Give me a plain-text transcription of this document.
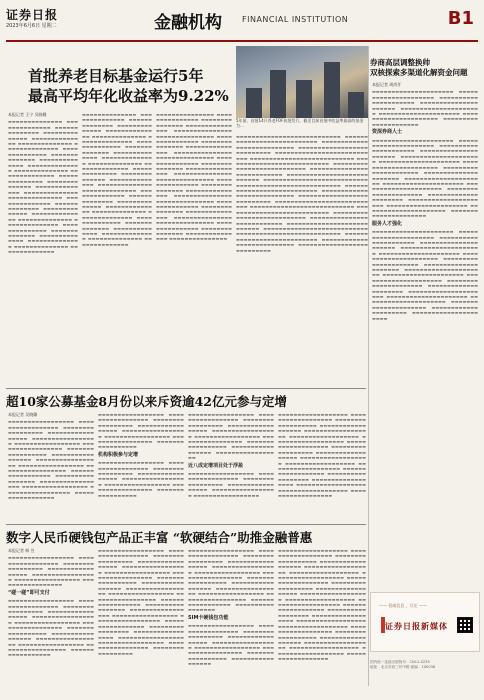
证券日报
2023年6月6日 星期二	金融机构	FINANCIAL INSTITUTION	B1
首批养老目标基金运行5年
最高平均年化收益率为9.22%
5年前，首批14只养老FOF获批发行，截至目前首批中收益率最高的基金为…
本报记者 王宁 吴晓璐
▬▬▬▬▬▬▬▬▬▬▬▬▬▬ ▬▬▬▬▬▬▬▬▬▬▬▬▬▬ ▬▬▬▬▬▬▬▬▬▬▬▬▬▬ ▬▬▬▬▬▬▬▬▬▬▬▬▬▬ ▬▬▬▬▬▬▬▬▬▬▬▬▬▬ ▬▬▬▬▬▬▬▬▬▬▬▬▬▬ ▬▬▬▬▬▬▬▬▬▬▬▬▬▬ ▬▬▬▬▬▬▬▬▬▬▬▬▬▬ ▬▬▬▬▬▬▬▬▬▬▬▬▬▬ ▬▬▬▬▬▬▬▬▬▬▬▬▬▬ ▬▬▬▬▬▬▬▬▬▬▬▬▬▬ ▬▬▬▬▬▬▬▬▬▬▬▬▬▬ ▬▬▬▬▬▬▬▬▬▬▬▬▬▬ ▬▬▬▬▬▬▬▬▬▬▬▬▬▬ ▬▬▬▬▬▬▬▬▬▬▬▬▬▬ ▬▬▬▬▬▬▬▬▬▬▬▬▬▬ ▬▬▬▬▬▬▬▬▬▬▬▬▬▬ ▬▬▬▬▬▬▬▬▬▬▬▬▬▬ ▬▬▬▬▬▬▬▬▬▬▬▬▬▬ ▬▬▬▬▬▬▬▬▬▬▬▬▬▬ ▬▬▬▬▬▬▬▬▬▬▬▬▬▬ ▬▬▬▬▬▬▬▬▬▬▬▬▬▬ ▬▬▬▬▬▬▬▬▬▬▬▬▬▬ ▬▬▬▬▬▬▬▬▬▬▬▬▬▬ ▬▬▬▬▬▬▬▬▬▬▬▬▬▬ ▬▬▬▬▬▬▬▬▬▬▬▬▬▬ ▬▬▬▬▬▬▬▬▬▬▬▬▬▬ ▬▬▬▬▬▬▬▬▬▬▬▬▬▬ ▬▬▬▬▬▬▬▬▬▬▬▬▬▬ ▬▬▬▬▬▬▬▬▬▬▬▬▬▬
▬▬▬▬▬▬▬▬▬▬▬▬▬▬ ▬▬▬▬▬▬▬▬▬▬▬▬▬▬ ▬▬▬▬▬▬▬▬▬▬▬▬▬▬ ▬▬▬▬▬▬▬▬▬▬▬▬▬▬ ▬▬▬▬▬▬▬▬▬▬▬▬▬▬ ▬▬▬▬▬▬▬▬▬▬▬▬▬▬ ▬▬▬▬▬▬▬▬▬▬▬▬▬▬ ▬▬▬▬▬▬▬▬▬▬▬▬▬▬ ▬▬▬▬▬▬▬▬▬▬▬▬▬▬ ▬▬▬▬▬▬▬▬▬▬▬▬▬▬ ▬▬▬▬▬▬▬▬▬▬▬▬▬▬ ▬▬▬▬▬▬▬▬▬▬▬▬▬▬ ▬▬▬▬▬▬▬▬▬▬▬▬▬▬ ▬▬▬▬▬▬▬▬▬▬▬▬▬▬ ▬▬▬▬▬▬▬▬▬▬▬▬▬▬ ▬▬▬▬▬▬▬▬▬▬▬▬▬▬ ▬▬▬▬▬▬▬▬▬▬▬▬▬▬ ▬▬▬▬▬▬▬▬▬▬▬▬▬▬ ▬▬▬▬▬▬▬▬▬▬▬▬▬▬ ▬▬▬▬▬▬▬▬▬▬▬▬▬▬ ▬▬▬▬▬▬▬▬▬▬▬▬▬▬ ▬▬▬▬▬▬▬▬▬▬▬▬▬▬ ▬▬▬▬▬▬▬▬▬▬▬▬▬▬ ▬▬▬▬▬▬▬▬▬▬▬▬▬▬ ▬▬▬▬▬▬▬▬▬▬▬▬▬▬ ▬▬▬▬▬▬▬▬▬▬▬▬▬▬ ▬▬▬▬▬▬▬▬▬▬▬▬▬▬ ▬▬▬▬▬▬▬▬▬▬▬▬▬▬ ▬▬▬▬▬▬▬▬▬▬▬▬▬▬ ▬▬▬▬▬▬▬▬▬▬▬▬▬▬
▬▬▬▬▬▬▬▬▬▬▬▬▬▬▬ ▬▬▬▬▬▬▬▬▬▬▬▬▬▬▬ ▬▬▬▬▬▬▬▬▬▬▬▬▬▬▬ ▬▬▬▬▬▬▬▬▬▬▬▬▬▬▬ ▬▬▬▬▬▬▬▬▬▬▬▬▬▬▬ ▬▬▬▬▬▬▬▬▬▬▬▬▬▬▬ ▬▬▬▬▬▬▬▬▬▬▬▬▬▬▬ ▬▬▬▬▬▬▬▬▬▬▬▬▬▬▬ ▬▬▬▬▬▬▬▬▬▬▬▬▬▬▬ ▬▬▬▬▬▬▬▬▬▬▬▬▬▬▬ ▬▬▬▬▬▬▬▬▬▬▬▬▬▬▬ ▬▬▬▬▬▬▬▬▬▬▬▬▬▬▬ ▬▬▬▬▬▬▬▬▬▬▬▬▬▬▬ ▬▬▬▬▬▬▬▬▬▬▬▬▬▬▬ ▬▬▬▬▬▬▬▬▬▬▬▬▬▬▬ ▬▬▬▬▬▬▬▬▬▬▬▬▬▬▬ ▬▬▬▬▬▬▬▬▬▬▬▬▬▬▬ ▬▬▬▬▬▬▬▬▬▬▬▬▬▬▬ ▬▬▬▬▬▬▬▬▬▬▬▬▬▬▬ ▬▬▬▬▬▬▬▬▬▬▬▬▬▬▬ ▬▬▬▬▬▬▬▬▬▬▬▬▬▬▬ ▬▬▬▬▬▬▬▬▬▬▬▬▬▬▬ ▬▬▬▬▬▬▬▬▬▬▬▬▬▬▬ ▬▬▬▬▬▬▬▬▬▬▬▬▬▬▬ ▬▬▬▬▬▬▬▬▬▬▬▬▬▬▬ ▬▬▬▬▬▬▬▬▬▬▬▬▬▬▬ ▬▬▬▬▬▬▬▬▬▬▬▬▬▬▬ ▬▬▬▬▬▬▬▬▬▬▬▬▬▬▬ ▬▬▬▬▬▬▬▬▬▬▬▬▬▬▬ ▬▬▬▬▬▬▬▬▬▬▬▬▬▬▬
▬▬▬▬▬▬▬▬▬▬▬▬▬▬▬▬▬▬▬▬▬▬▬▬▬▬▬ ▬▬▬▬▬▬▬▬▬▬▬▬▬▬▬▬▬▬▬▬▬▬▬▬▬▬▬ ▬▬▬▬▬▬▬▬▬▬▬▬▬▬▬▬▬▬▬▬▬▬▬▬▬▬▬ ▬▬▬▬▬▬▬▬▬▬▬▬▬▬▬▬▬▬▬▬▬▬▬▬▬▬▬ ▬▬▬▬▬▬▬▬▬▬▬▬▬▬▬▬▬▬▬▬▬▬▬▬▬▬▬ ▬▬▬▬▬▬▬▬▬▬▬▬▬▬▬▬▬▬▬▬▬▬▬▬▬▬▬ ▬▬▬▬▬▬▬▬▬▬▬▬▬▬▬▬▬▬▬▬▬▬▬▬▬▬▬ ▬▬▬▬▬▬▬▬▬▬▬▬▬▬▬▬▬▬▬▬▬▬▬▬▬▬▬ ▬▬▬▬▬▬▬▬▬▬▬▬▬▬▬▬▬▬▬▬▬▬▬▬▬▬▬ ▬▬▬▬▬▬▬▬▬▬▬▬▬▬▬▬▬▬▬▬▬▬▬▬▬▬▬ ▬▬▬▬▬▬▬▬▬▬▬▬▬▬▬▬▬▬▬▬▬▬▬▬▬▬▬ ▬▬▬▬▬▬▬▬▬▬▬▬▬▬▬▬▬▬▬▬▬▬▬▬▬▬▬ ▬▬▬▬▬▬▬▬▬▬▬▬▬▬▬▬▬▬▬▬▬▬▬▬▬▬▬ ▬▬▬▬▬▬▬▬▬▬▬▬▬▬▬▬▬▬▬▬▬▬▬▬▬▬▬ ▬▬▬▬▬▬▬▬▬▬▬▬▬▬▬▬▬▬▬▬▬▬▬▬▬▬▬ ▬▬▬▬▬▬▬▬▬▬▬▬▬▬▬▬▬▬▬▬▬▬▬▬▬▬▬ ▬▬▬▬▬▬▬▬▬▬▬▬▬▬▬▬▬▬▬▬▬▬▬▬▬▬▬ ▬▬▬▬▬▬▬▬▬▬▬▬▬▬▬▬▬▬▬▬▬▬▬▬▬▬▬ ▬▬▬▬▬▬▬▬▬▬▬▬▬▬▬▬▬▬▬▬▬▬▬▬▬▬▬ ▬▬▬▬▬▬▬▬▬▬▬▬▬▬▬▬▬▬▬▬▬▬▬▬▬▬▬ ▬▬▬▬▬▬▬▬▬▬▬▬▬▬▬▬▬▬▬▬▬▬▬▬▬▬▬ ▬▬▬▬▬▬▬▬▬▬▬▬▬▬▬▬▬▬▬▬▬▬▬▬▬▬▬ ▬▬▬▬▬▬▬▬▬▬▬▬▬▬▬▬▬▬▬▬▬▬▬▬▬▬▬ ▬▬▬▬▬▬▬▬▬▬▬▬▬▬▬▬▬▬▬▬▬▬▬▬▬▬▬ ▬▬▬▬▬▬▬▬▬▬▬▬▬▬▬▬▬▬▬▬▬▬▬▬▬▬▬ ▬▬▬▬▬▬▬▬▬▬▬▬▬▬▬▬▬▬▬▬▬▬▬▬▬▬▬
券商高层调整换帅
双核探索多渠道化解资金问题
本报记者 周尚仟
▬▬▬▬▬▬▬▬▬▬▬▬▬▬▬▬▬▬▬▬▬ ▬▬▬▬▬▬▬▬▬▬▬▬▬▬▬▬▬▬▬▬▬ ▬▬▬▬▬▬▬▬▬▬▬▬▬▬▬▬▬▬▬▬▬ ▬▬▬▬▬▬▬▬▬▬▬▬▬▬▬▬▬▬▬▬▬ ▬▬▬▬▬▬▬▬▬▬▬▬▬▬▬▬▬▬▬▬▬ ▬▬▬▬▬▬▬▬▬▬▬▬▬▬▬▬▬▬▬▬▬ ▬▬▬▬▬▬▬▬▬▬▬▬▬▬▬▬▬▬▬▬▬ ▬▬▬▬▬▬▬▬▬▬▬▬▬▬▬▬▬▬▬▬▬
资深券商人士
▬▬▬▬▬▬▬▬▬▬▬▬▬▬▬▬▬▬▬▬▬ ▬▬▬▬▬▬▬▬▬▬▬▬▬▬▬▬▬▬▬▬▬ ▬▬▬▬▬▬▬▬▬▬▬▬▬▬▬▬▬▬▬▬▬ ▬▬▬▬▬▬▬▬▬▬▬▬▬▬▬▬▬▬▬▬▬ ▬▬▬▬▬▬▬▬▬▬▬▬▬▬▬▬▬▬▬▬▬ ▬▬▬▬▬▬▬▬▬▬▬▬▬▬▬▬▬▬▬▬▬ ▬▬▬▬▬▬▬▬▬▬▬▬▬▬▬▬▬▬▬▬▬ ▬▬▬▬▬▬▬▬▬▬▬▬▬▬▬▬▬▬▬▬▬ ▬▬▬▬▬▬▬▬▬▬▬▬▬▬▬▬▬▬▬▬▬ ▬▬▬▬▬▬▬▬▬▬▬▬▬▬▬▬▬▬▬▬▬ ▬▬▬▬▬▬▬▬▬▬▬▬▬▬▬▬▬▬▬▬▬ ▬▬▬▬▬▬▬▬▬▬▬▬▬▬▬▬▬▬▬▬▬ ▬▬▬▬▬▬▬▬▬▬▬▬▬▬▬▬▬▬▬▬▬ ▬▬▬▬▬▬▬▬▬▬▬▬▬▬▬▬▬▬▬▬▬ ▬▬▬▬▬▬▬▬▬▬▬▬▬▬▬▬▬▬▬▬▬ ▬▬▬▬▬▬▬▬▬▬▬▬▬▬▬▬▬▬▬▬▬ ▬▬▬▬▬▬▬▬▬▬▬▬▬▬▬▬▬▬▬▬▬ ▬▬▬▬▬▬▬▬▬▬▬▬▬▬▬▬▬▬▬▬▬
服务人才强化
▬▬▬▬▬▬▬▬▬▬▬▬▬▬▬▬▬▬▬▬▬ ▬▬▬▬▬▬▬▬▬▬▬▬▬▬▬▬▬▬▬▬▬ ▬▬▬▬▬▬▬▬▬▬▬▬▬▬▬▬▬▬▬▬▬ ▬▬▬▬▬▬▬▬▬▬▬▬▬▬▬▬▬▬▬▬▬ ▬▬▬▬▬▬▬▬▬▬▬▬▬▬▬▬▬▬▬▬▬ ▬▬▬▬▬▬▬▬▬▬▬▬▬▬▬▬▬▬▬▬▬ ▬▬▬▬▬▬▬▬▬▬▬▬▬▬▬▬▬▬▬▬▬ ▬▬▬▬▬▬▬▬▬▬▬▬▬▬▬▬▬▬▬▬▬ ▬▬▬▬▬▬▬▬▬▬▬▬▬▬▬▬▬▬▬▬▬ ▬▬▬▬▬▬▬▬▬▬▬▬▬▬▬▬▬▬▬▬▬ ▬▬▬▬▬▬▬▬▬▬▬▬▬▬▬▬▬▬▬▬▬ ▬▬▬▬▬▬▬▬▬▬▬▬▬▬▬▬▬▬▬▬▬ ▬▬▬▬▬▬▬▬▬▬▬▬▬▬▬▬▬▬▬▬▬ ▬▬▬▬▬▬▬▬▬▬▬▬▬▬▬▬▬▬▬▬▬ ▬▬▬▬▬▬▬▬▬▬▬▬▬▬▬▬▬▬▬▬▬ ▬▬▬▬▬▬▬▬▬▬▬▬▬▬▬▬▬▬▬▬▬ ▬▬▬▬▬▬▬▬▬▬▬▬▬▬▬▬▬▬▬▬▬ ▬▬▬▬▬▬▬▬▬▬▬▬▬▬▬▬▬▬▬▬▬ ▬▬▬▬▬▬▬▬▬▬▬▬▬▬▬▬▬▬▬▬▬ ▬▬▬▬▬▬▬▬▬▬▬▬▬▬▬▬▬▬▬▬▬
超10家公募基金8月份以来斥资逾42亿元参与定增
本报记者 吴晓璐
▬▬▬▬▬▬▬▬▬▬▬▬▬▬▬▬▬ ▬▬▬▬▬▬▬▬▬▬▬▬▬▬▬▬▬ ▬▬▬▬▬▬▬▬▬▬▬▬▬▬▬▬▬ ▬▬▬▬▬▬▬▬▬▬▬▬▬▬▬▬▬ ▬▬▬▬▬▬▬▬▬▬▬▬▬▬▬▬▬ ▬▬▬▬▬▬▬▬▬▬▬▬▬▬▬▬▬ ▬▬▬▬▬▬▬▬▬▬▬▬▬▬▬▬▬ ▬▬▬▬▬▬▬▬▬▬▬▬▬▬▬▬▬ ▬▬▬▬▬▬▬▬▬▬▬▬▬▬▬▬▬ ▬▬▬▬▬▬▬▬▬▬▬▬▬▬▬▬▬ ▬▬▬▬▬▬▬▬▬▬▬▬▬▬▬▬▬ ▬▬▬▬▬▬▬▬▬▬▬▬▬▬▬▬▬ ▬▬▬▬▬▬▬▬▬▬▬▬▬▬▬▬▬ ▬▬▬▬▬▬▬▬▬▬▬▬▬▬▬▬▬ ▬▬▬▬▬▬▬▬▬▬▬▬▬▬▬▬▬ ▬▬▬▬▬▬▬▬▬▬▬▬▬▬▬▬▬ ▬▬▬▬▬▬▬▬▬▬▬▬▬▬▬▬▬ ▬▬▬▬▬▬▬▬▬▬▬▬▬▬▬▬▬
▬▬▬▬▬▬▬▬▬▬▬▬▬▬▬▬▬ ▬▬▬▬▬▬▬▬▬▬▬▬▬▬▬▬▬ ▬▬▬▬▬▬▬▬▬▬▬▬▬▬▬▬▬ ▬▬▬▬▬▬▬▬▬▬▬▬▬▬▬▬▬ ▬▬▬▬▬▬▬▬▬▬▬▬▬▬▬▬▬ ▬▬▬▬▬▬▬▬▬▬▬▬▬▬▬▬▬ ▬▬▬▬▬▬▬▬▬▬▬▬▬▬▬▬▬ ▬▬▬▬▬▬▬▬▬▬▬▬▬▬▬▬▬
机构积极参与定增
▬▬▬▬▬▬▬▬▬▬▬▬▬▬▬▬▬ ▬▬▬▬▬▬▬▬▬▬▬▬▬▬▬▬▬ ▬▬▬▬▬▬▬▬▬▬▬▬▬▬▬▬▬ ▬▬▬▬▬▬▬▬▬▬▬▬▬▬▬▬▬ ▬▬▬▬▬▬▬▬▬▬▬▬▬▬▬▬▬ ▬▬▬▬▬▬▬▬▬▬▬▬▬▬▬▬▬ ▬▬▬▬▬▬▬▬▬▬▬▬▬▬▬▬▬ ▬▬▬▬▬▬▬▬▬▬▬▬▬▬▬▬▬
▬▬▬▬▬▬▬▬▬▬▬▬▬▬▬▬▬ ▬▬▬▬▬▬▬▬▬▬▬▬▬▬▬▬▬ ▬▬▬▬▬▬▬▬▬▬▬▬▬▬▬▬▬ ▬▬▬▬▬▬▬▬▬▬▬▬▬▬▬▬▬ ▬▬▬▬▬▬▬▬▬▬▬▬▬▬▬▬▬ ▬▬▬▬▬▬▬▬▬▬▬▬▬▬▬▬▬ ▬▬▬▬▬▬▬▬▬▬▬▬▬▬▬▬▬ ▬▬▬▬▬▬▬▬▬▬▬▬▬▬▬▬▬ ▬▬▬▬▬▬▬▬▬▬▬▬▬▬▬▬▬ ▬▬▬▬▬▬▬▬▬▬▬▬▬▬▬▬▬
近八成定增项目处于浮盈
▬▬▬▬▬▬▬▬▬▬▬▬▬▬▬▬▬ ▬▬▬▬▬▬▬▬▬▬▬▬▬▬▬▬▬ ▬▬▬▬▬▬▬▬▬▬▬▬▬▬▬▬▬ ▬▬▬▬▬▬▬▬▬▬▬▬▬▬▬▬▬ ▬▬▬▬▬▬▬▬▬▬▬▬▬▬▬▬▬ ▬▬▬▬▬▬▬▬▬▬▬▬▬▬▬▬▬
▬▬▬▬▬▬▬▬▬▬▬▬▬▬▬▬▬▬ ▬▬▬▬▬▬▬▬▬▬▬▬▬▬▬▬▬▬ ▬▬▬▬▬▬▬▬▬▬▬▬▬▬▬▬▬▬ ▬▬▬▬▬▬▬▬▬▬▬▬▬▬▬▬▬▬ ▬▬▬▬▬▬▬▬▬▬▬▬▬▬▬▬▬▬ ▬▬▬▬▬▬▬▬▬▬▬▬▬▬▬▬▬▬ ▬▬▬▬▬▬▬▬▬▬▬▬▬▬▬▬▬▬ ▬▬▬▬▬▬▬▬▬▬▬▬▬▬▬▬▬▬ ▬▬▬▬▬▬▬▬▬▬▬▬▬▬▬▬▬▬ ▬▬▬▬▬▬▬▬▬▬▬▬▬▬▬▬▬▬ ▬▬▬▬▬▬▬▬▬▬▬▬▬▬▬▬▬▬ ▬▬▬▬▬▬▬▬▬▬▬▬▬▬▬▬▬▬ ▬▬▬▬▬▬▬▬▬▬▬▬▬▬▬▬▬▬ ▬▬▬▬▬▬▬▬▬▬▬▬▬▬▬▬▬▬ ▬▬▬▬▬▬▬▬▬▬▬▬▬▬▬▬▬▬ ▬▬▬▬▬▬▬▬▬▬▬▬▬▬▬▬▬▬ ▬▬▬▬▬▬▬▬▬▬▬▬▬▬▬▬▬▬ ▬▬▬▬▬▬▬▬▬▬▬▬▬▬▬▬▬▬ ▬▬▬▬▬▬▬▬▬▬▬▬▬▬▬▬▬▬
数字人民币硬钱包产品正丰富 “软硬结合”助推金融普惠
本报记者 韩 昱
▬▬▬▬▬▬▬▬▬▬▬▬▬▬▬▬▬ ▬▬▬▬▬▬▬▬▬▬▬▬▬▬▬▬▬ ▬▬▬▬▬▬▬▬▬▬▬▬▬▬▬▬▬ ▬▬▬▬▬▬▬▬▬▬▬▬▬▬▬▬▬ ▬▬▬▬▬▬▬▬▬▬▬▬▬▬▬▬▬ ▬▬▬▬▬▬▬▬▬▬▬▬▬▬▬▬▬ ▬▬▬▬▬▬▬▬▬▬▬▬▬▬▬▬▬
“碰一碰”即可支付
▬▬▬▬▬▬▬▬▬▬▬▬▬▬▬▬▬ ▬▬▬▬▬▬▬▬▬▬▬▬▬▬▬▬▬ ▬▬▬▬▬▬▬▬▬▬▬▬▬▬▬▬▬ ▬▬▬▬▬▬▬▬▬▬▬▬▬▬▬▬▬ ▬▬▬▬▬▬▬▬▬▬▬▬▬▬▬▬▬ ▬▬▬▬▬▬▬▬▬▬▬▬▬▬▬▬▬ ▬▬▬▬▬▬▬▬▬▬▬▬▬▬▬▬▬ ▬▬▬▬▬▬▬▬▬▬▬▬▬▬▬▬▬ ▬▬▬▬▬▬▬▬▬▬▬▬▬▬▬▬▬ ▬▬▬▬▬▬▬▬▬▬▬▬▬▬▬▬▬ ▬▬▬▬▬▬▬▬▬▬▬▬▬▬▬▬▬ ▬▬▬▬▬▬▬▬▬▬▬▬▬▬▬▬▬ ▬▬▬▬▬▬▬▬▬▬▬▬▬▬▬▬▬
▬▬▬▬▬▬▬▬▬▬▬▬▬▬▬▬▬ ▬▬▬▬▬▬▬▬▬▬▬▬▬▬▬▬▬ ▬▬▬▬▬▬▬▬▬▬▬▬▬▬▬▬▬ ▬▬▬▬▬▬▬▬▬▬▬▬▬▬▬▬▬ ▬▬▬▬▬▬▬▬▬▬▬▬▬▬▬▬▬ ▬▬▬▬▬▬▬▬▬▬▬▬▬▬▬▬▬ ▬▬▬▬▬▬▬▬▬▬▬▬▬▬▬▬▬ ▬▬▬▬▬▬▬▬▬▬▬▬▬▬▬▬▬ ▬▬▬▬▬▬▬▬▬▬▬▬▬▬▬▬▬ ▬▬▬▬▬▬▬▬▬▬▬▬▬▬▬▬▬ ▬▬▬▬▬▬▬▬▬▬▬▬▬▬▬▬▬ ▬▬▬▬▬▬▬▬▬▬▬▬▬▬▬▬▬ ▬▬▬▬▬▬▬▬▬▬▬▬▬▬▬▬▬ ▬▬▬▬▬▬▬▬▬▬▬▬▬▬▬▬▬ ▬▬▬▬▬▬▬▬▬▬▬▬▬▬▬▬▬ ▬▬▬▬▬▬▬▬▬▬▬▬▬▬▬▬▬ ▬▬▬▬▬▬▬▬▬▬▬▬▬▬▬▬▬ ▬▬▬▬▬▬▬▬▬▬▬▬▬▬▬▬▬ ▬▬▬▬▬▬▬▬▬▬▬▬▬▬▬▬▬ ▬▬▬▬▬▬▬▬▬▬▬▬▬▬▬▬▬ ▬▬▬▬▬▬▬▬▬▬▬▬▬▬▬▬▬ ▬▬▬▬▬▬▬▬▬▬▬▬▬▬▬▬▬ ▬▬▬▬▬▬▬▬▬▬▬▬▬▬▬▬▬ ▬▬▬▬▬▬▬▬▬▬▬▬▬▬▬▬▬
▬▬▬▬▬▬▬▬▬▬▬▬▬▬▬▬▬ ▬▬▬▬▬▬▬▬▬▬▬▬▬▬▬▬▬ ▬▬▬▬▬▬▬▬▬▬▬▬▬▬▬▬▬ ▬▬▬▬▬▬▬▬▬▬▬▬▬▬▬▬▬ ▬▬▬▬▬▬▬▬▬▬▬▬▬▬▬▬▬ ▬▬▬▬▬▬▬▬▬▬▬▬▬▬▬▬▬ ▬▬▬▬▬▬▬▬▬▬▬▬▬▬▬▬▬ ▬▬▬▬▬▬▬▬▬▬▬▬▬▬▬▬▬ ▬▬▬▬▬▬▬▬▬▬▬▬▬▬▬▬▬ ▬▬▬▬▬▬▬▬▬▬▬▬▬▬▬▬▬ ▬▬▬▬▬▬▬▬▬▬▬▬▬▬▬▬▬ ▬▬▬▬▬▬▬▬▬▬▬▬▬▬▬▬▬ ▬▬▬▬▬▬▬▬▬▬▬▬▬▬▬▬▬ ▬▬▬▬▬▬▬▬▬▬▬▬▬▬▬▬▬
SIM卡硬钱包功能
▬▬▬▬▬▬▬▬▬▬▬▬▬▬▬▬▬ ▬▬▬▬▬▬▬▬▬▬▬▬▬▬▬▬▬ ▬▬▬▬▬▬▬▬▬▬▬▬▬▬▬▬▬ ▬▬▬▬▬▬▬▬▬▬▬▬▬▬▬▬▬ ▬▬▬▬▬▬▬▬▬▬▬▬▬▬▬▬▬ ▬▬▬▬▬▬▬▬▬▬▬▬▬▬▬▬▬ ▬▬▬▬▬▬▬▬▬▬▬▬▬▬▬▬▬ ▬▬▬▬▬▬▬▬▬▬▬▬▬▬▬▬▬ ▬▬▬▬▬▬▬▬▬▬▬▬▬▬▬▬▬
▬▬▬▬▬▬▬▬▬▬▬▬▬▬▬▬▬▬ ▬▬▬▬▬▬▬▬▬▬▬▬▬▬▬▬▬▬ ▬▬▬▬▬▬▬▬▬▬▬▬▬▬▬▬▬▬ ▬▬▬▬▬▬▬▬▬▬▬▬▬▬▬▬▬▬ ▬▬▬▬▬▬▬▬▬▬▬▬▬▬▬▬▬▬ ▬▬▬▬▬▬▬▬▬▬▬▬▬▬▬▬▬▬ ▬▬▬▬▬▬▬▬▬▬▬▬▬▬▬▬▬▬ ▬▬▬▬▬▬▬▬▬▬▬▬▬▬▬▬▬▬ ▬▬▬▬▬▬▬▬▬▬▬▬▬▬▬▬▬▬ ▬▬▬▬▬▬▬▬▬▬▬▬▬▬▬▬▬▬ ▬▬▬▬▬▬▬▬▬▬▬▬▬▬▬▬▬▬ ▬▬▬▬▬▬▬▬▬▬▬▬▬▬▬▬▬▬ ▬▬▬▬▬▬▬▬▬▬▬▬▬▬▬▬▬▬ ▬▬▬▬▬▬▬▬▬▬▬▬▬▬▬▬▬▬ ▬▬▬▬▬▬▬▬▬▬▬▬▬▬▬▬▬▬ ▬▬▬▬▬▬▬▬▬▬▬▬▬▬▬▬▬▬ ▬▬▬▬▬▬▬▬▬▬▬▬▬▬▬▬▬▬ ▬▬▬▬▬▬▬▬▬▬▬▬▬▬▬▬▬▬ ▬▬▬▬▬▬▬▬▬▬▬▬▬▬▬▬▬▬ ▬▬▬▬▬▬▬▬▬▬▬▬▬▬▬▬▬▬ ▬▬▬▬▬▬▬▬▬▬▬▬▬▬▬▬▬▬ ▬▬▬▬▬▬▬▬▬▬▬▬▬▬▬▬▬▬ ▬▬▬▬▬▬▬▬▬▬▬▬▬▬▬▬▬▬ ▬▬▬▬▬▬▬▬▬▬▬▬▬▬▬▬▬▬ ▬▬▬▬▬▬▬▬▬▬▬▬▬▬▬▬▬▬
—— 权威信息 ，尽在 ——
证券日报新媒体
国内统一连续出版物号：CN11-0235
地址：北京市西三环中路 邮编：100036
